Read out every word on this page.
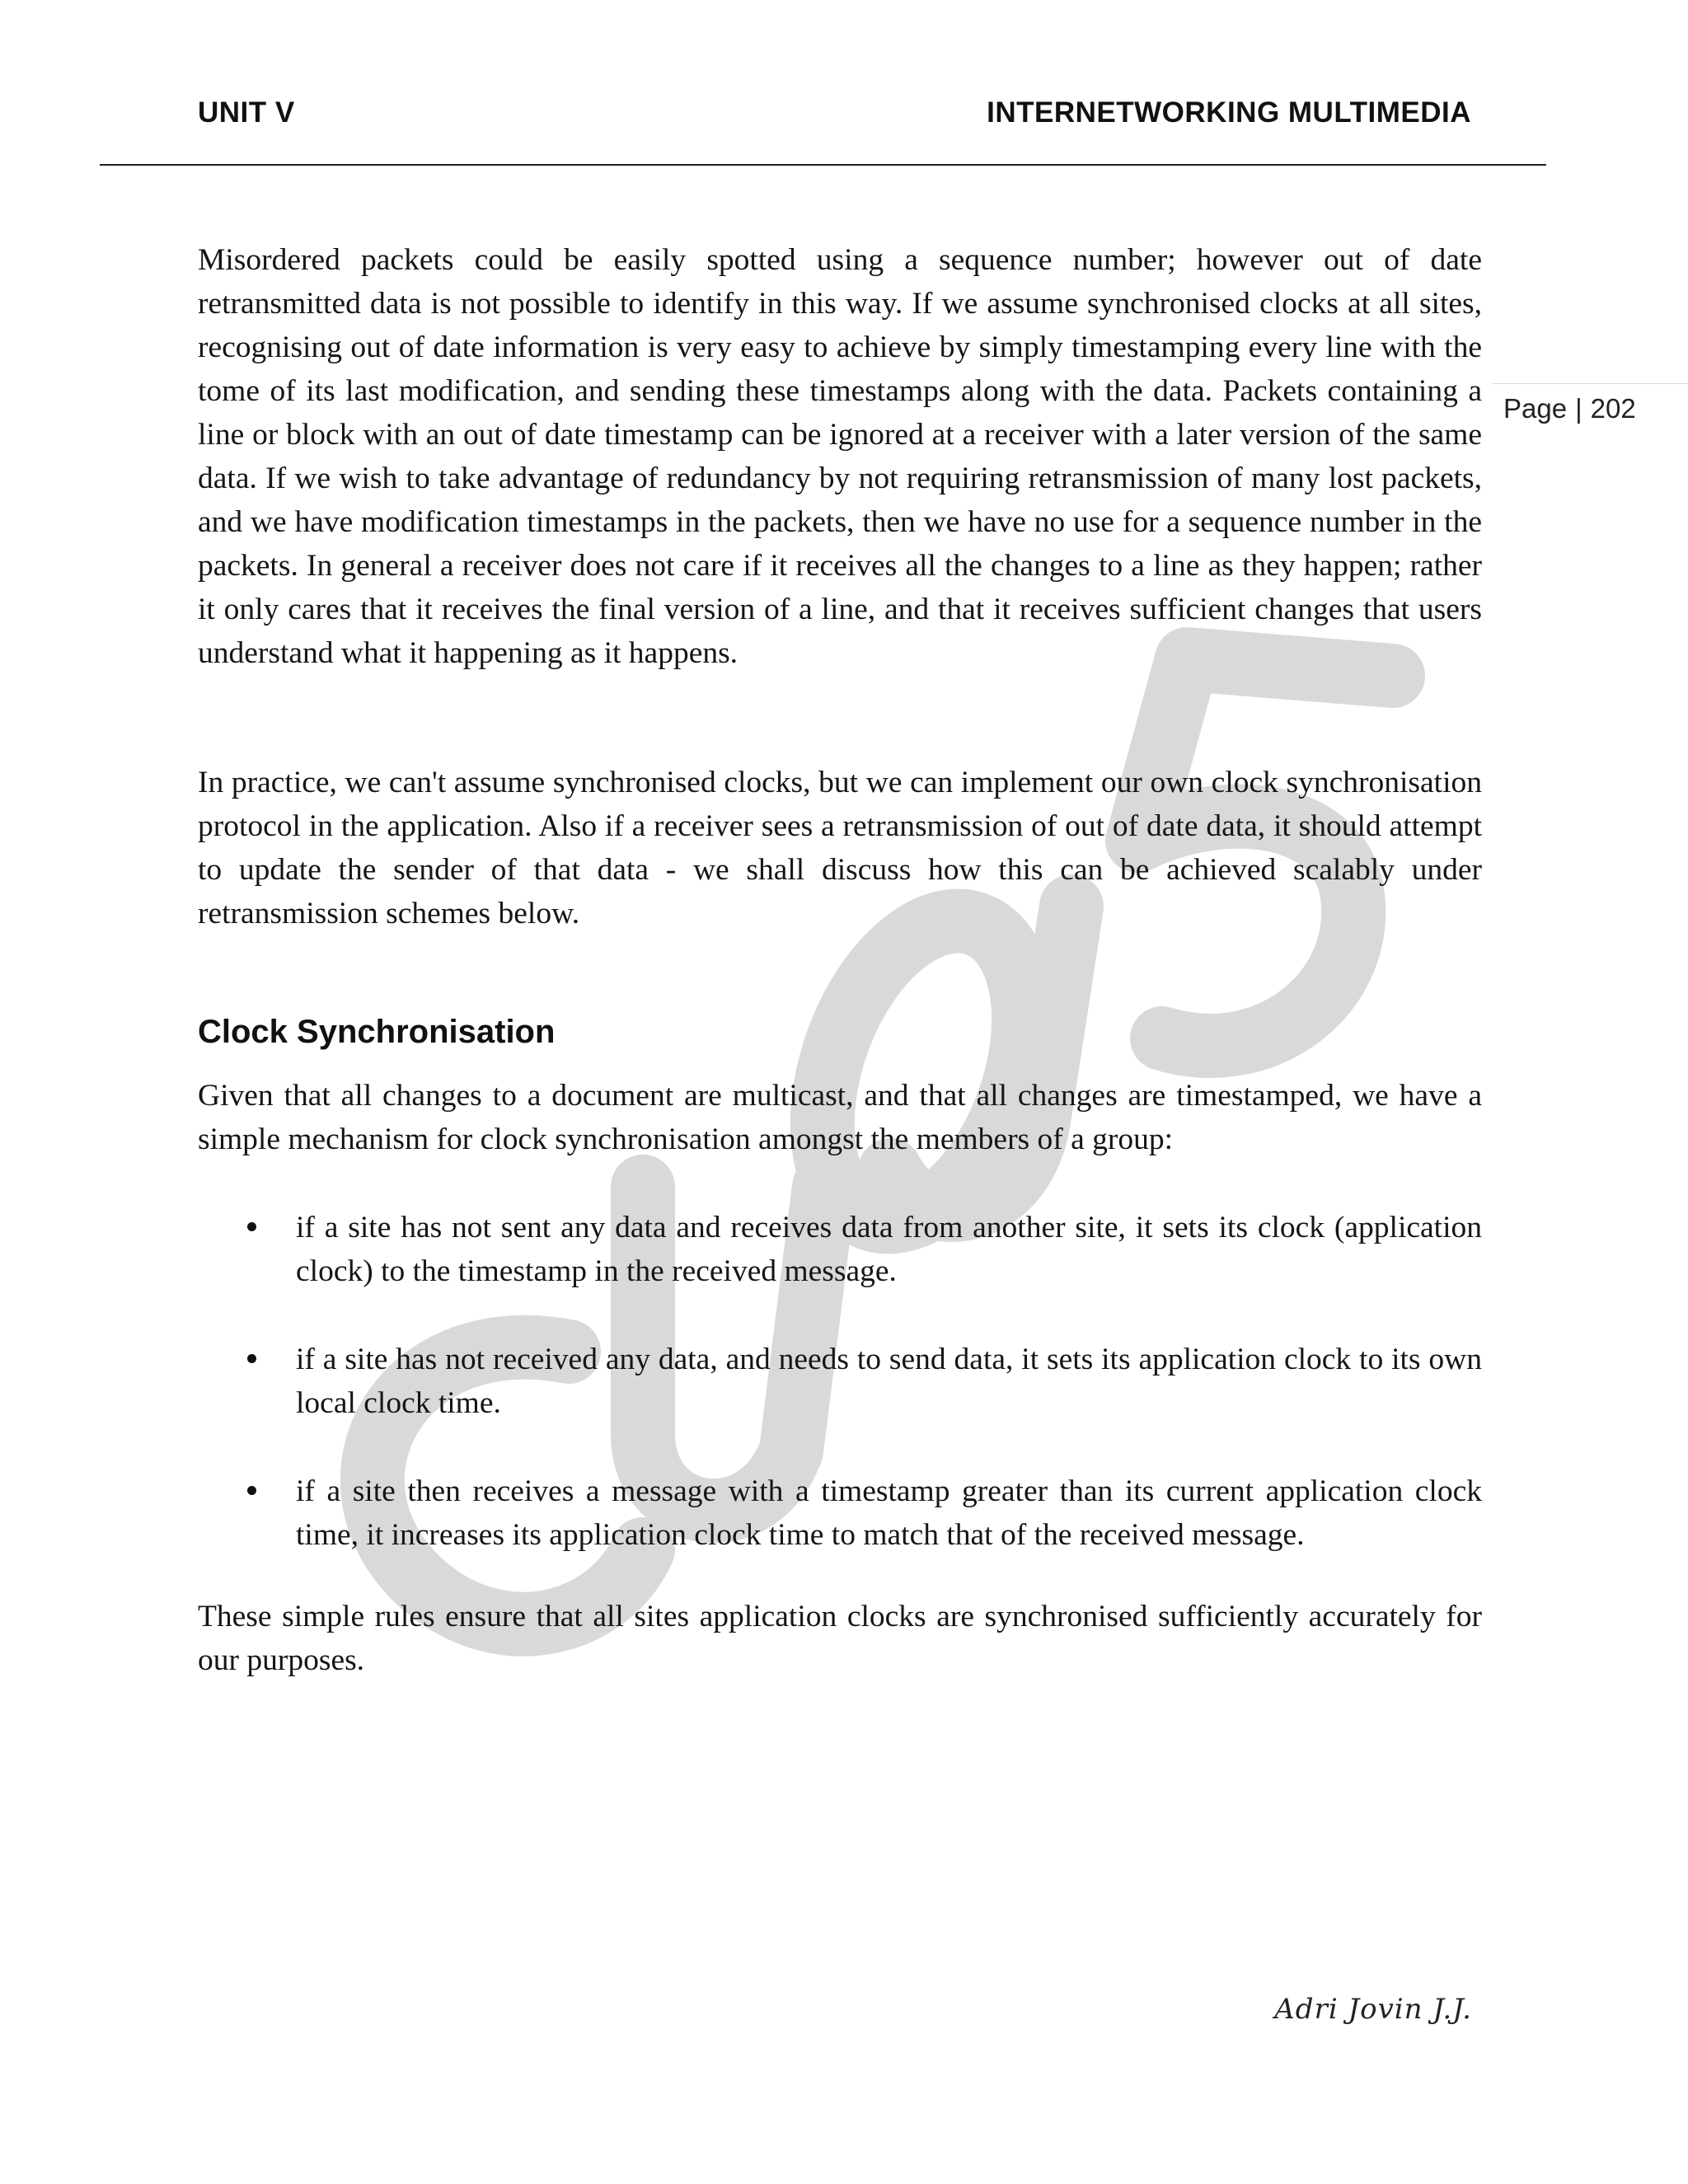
UNIT V	INTERNETWORKING MULTIMEDIA
Page | 202
Misordered packets could be easily spotted using a sequence number; however out of date retransmitted data is not possible to identify in this way. If we assume synchronised clocks at all sites, recognising out of date information is very easy to achieve by simply timestamping every line with the tome of its last modification, and sending these timestamps along with the data. Packets containing a line or block with an out of date timestamp can be ignored at a receiver with a later version of the same data. If we wish to take advantage of redundancy by not requiring retransmission of many lost packets, and we have modification timestamps in the packets, then we have no use for a sequence number in the packets. In general a receiver does not care if it receives all the changes to a line as they happen; rather it only cares that it receives the final version of a line, and that it receives sufficient changes that users understand what it happening as it happens.
In practice, we can't assume synchronised clocks, but we can implement our own clock synchronisation protocol in the application. Also if a receiver sees a retransmission of out of date data, it should attempt to update the sender of that data - we shall discuss how this can be achieved scalably under retransmission schemes below.
Clock Synchronisation
Given that all changes to a document are multicast, and that all changes are timestamped, we have a simple mechanism for clock synchronisation amongst the members of a group:
if a site has not sent any data and receives data from another site, it sets its clock (application clock) to the timestamp in the received message.
if a site has not received any data, and needs to send data, it sets its application clock to its own local clock time.
if a site then receives a message with a timestamp greater than its current application clock time, it increases its application clock time to match that of the received message.
These simple rules ensure that all sites application clocks are synchronised sufficiently accurately for our purposes.
Adri Jovin J.J.
